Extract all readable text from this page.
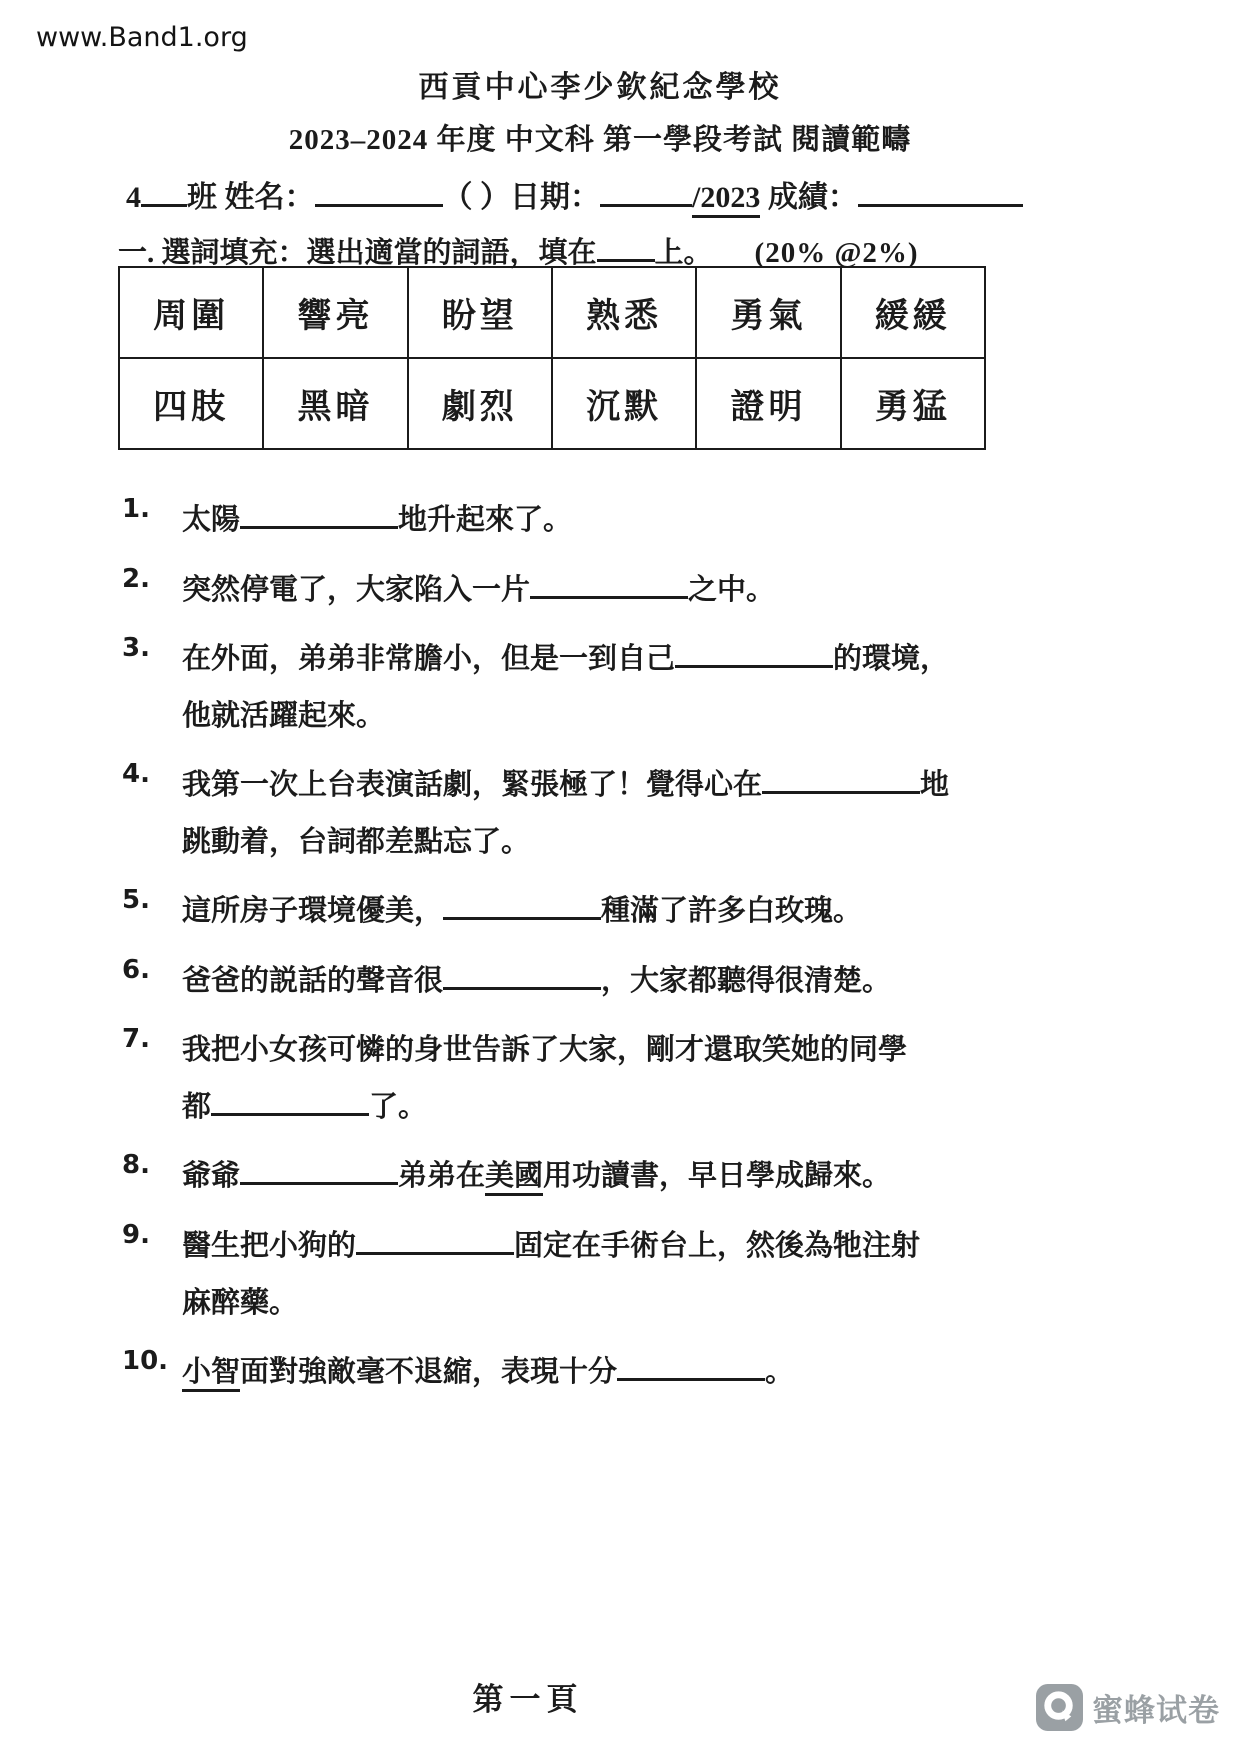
www.Band1.org
西貢中心李少欽紀念學校
2023–2024 年度 中文科 第一學段考試 閱讀範疇
4 班 姓名：	（ ）日期：	/2023 成績：
一. 選詞填充：選出適當的詞語，填在 上。 (20% @2%)
周圍	響亮	盼望	熟悉	勇氣	緩緩
四肢	黑暗	劇烈	沉默	證明	勇猛
1.	太陽	地升起來了。
2.	突然停電了，大家陷入一片	之中。
3.	在外面，弟弟非常膽小，但是一到自己	的環境，
他就活躍起來。
4.	我第一次上台表演話劇，緊張極了！覺得心在	地
跳動着，台詞都差點忘了。
5.	這所房子環境優美，	種滿了許多白玫瑰。
6.	爸爸的説話的聲音很	，大家都聽得很清楚。
7.	我把小女孩可憐的身世告訴了大家，剛才還取笑她的同學
都	了。
8.	爺爺	弟弟在美國用功讀書，早日學成歸來。
9.	醫生把小狗的	固定在手術台上，然後為牠注射
麻醉藥。
10. 小智面對強敵毫不退縮，表現十分	。
第一頁	蜜蜂试卷
